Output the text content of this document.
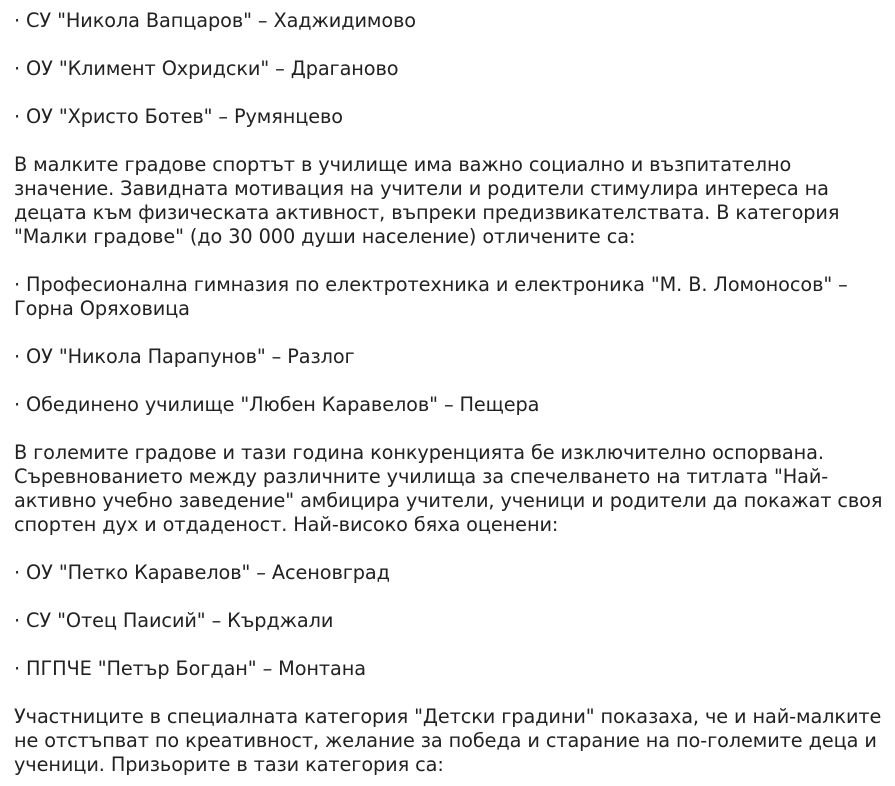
· СУ "Никола Вапцаров" – Хаджидимово

· ОУ "Климент Охридски" – Драганово

· ОУ "Христо Ботев" – Румянцево

В малките градове спортът в училище има важно социално и възпитателно значение. Завидната мотивация на учители и родители стимулира интереса на децата към физическата активност, въпреки предизвикателствата. В категория "Малки градове" (до 30 000 души население) отличените са:

· Професионална гимназия по електротехника и електроника "М. В. Ломоносов" – Горна Оряховица

· ОУ "Никола Парапунов" – Разлог

· Обединено училище "Любен Каравелов" – Пещера

В големите градове и тази година конкуренцията бе изключително оспорвана. Съревнованието между различните училища за спечелването на титлата "Най-активно учебно заведение" амбицира учители, ученици и родители да покажат своя спортен дух и отдаденост. Най-високо бяха оценени:

· ОУ "Петко Каравелов" – Асеновград

· СУ "Отец Паисий" – Кърджали

· ПГПЧЕ "Петър Богдан" – Монтана

Участниците в специалната категория "Детски градини" показаха, че и най-малките не отстъпват по креативност, желание за победа и старание на по-големите деца и ученици. Призьорите в тази категория са:
